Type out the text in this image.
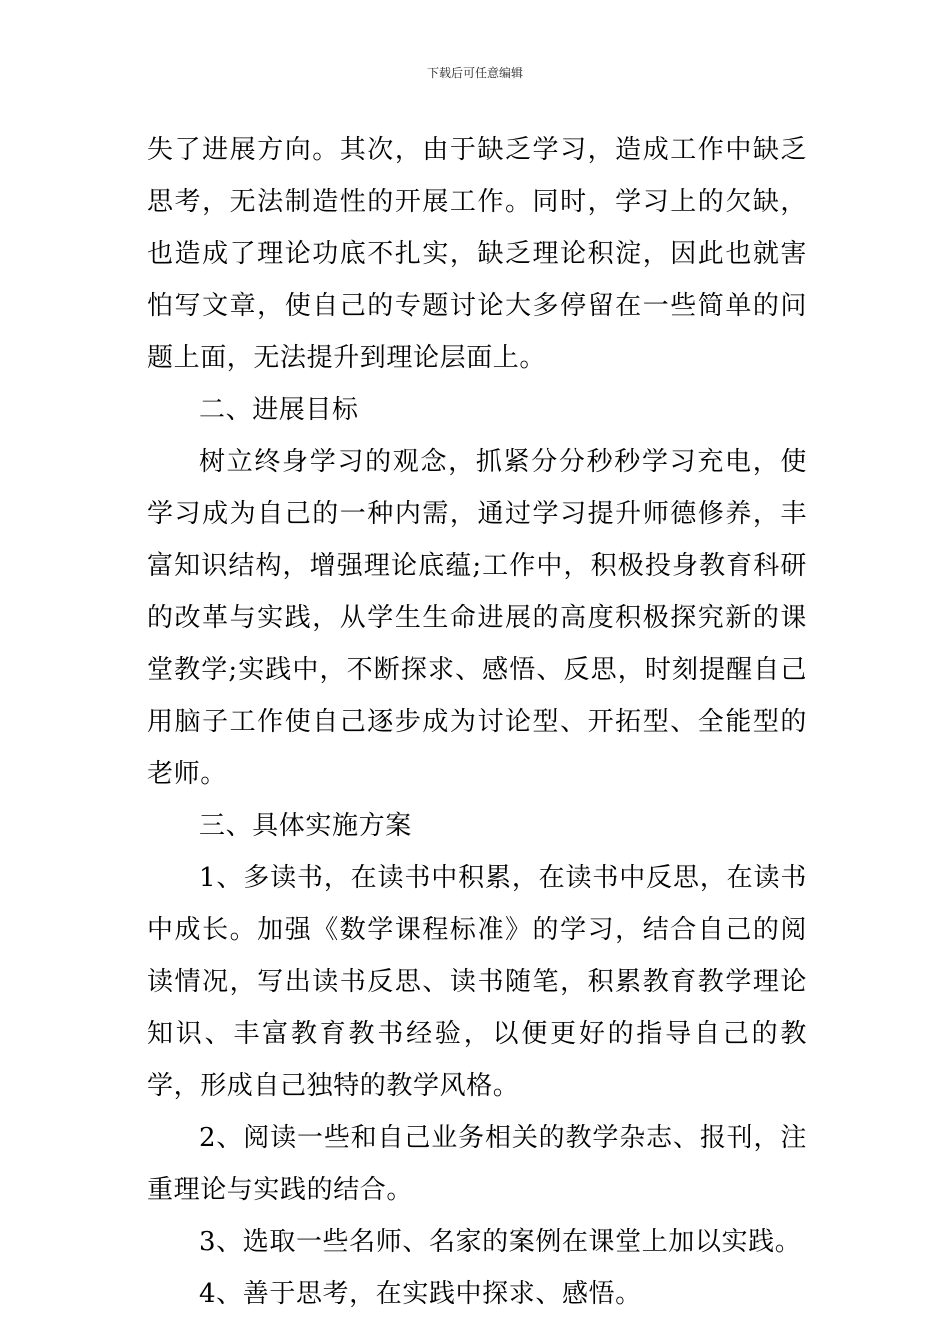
下载后可任意编辑

失了进展方向。其次，由于缺乏学习，造成工作中缺乏思考，无法制造性的开展工作。同时，学习上的欠缺，也造成了理论功底不扎实，缺乏理论积淀，因此也就害怕写文章，使自己的专题讨论大多停留在一些简单的问题上面，无法提升到理论层面上。

二、进展目标

树立终身学习的观念，抓紧分分秒秒学习充电，使学习成为自己的一种内需，通过学习提升师德修养，丰富知识结构，增强理论底蕴;工作中，积极投身教育科研的改革与实践，从学生生命进展的高度积极探究新的课堂教学;实践中，不断探求、感悟、反思，时刻提醒自己用脑子工作使自己逐步成为讨论型、开拓型、全能型的老师。

三、具体实施方案

1、多读书，在读书中积累，在读书中反思，在读书中成长。加强《数学课程标准》的学习，结合自己的阅读情况，写出读书反思、读书随笔，积累教育教学理论知识、丰富教育教书经验，以便更好的指导自己的教学，形成自己独特的教学风格。

2、阅读一些和自己业务相关的教学杂志、报刊，注重理论与实践的结合。

3、选取一些名师、名家的案例在课堂上加以实践。

4、善于思考，在实践中探求、感悟。
